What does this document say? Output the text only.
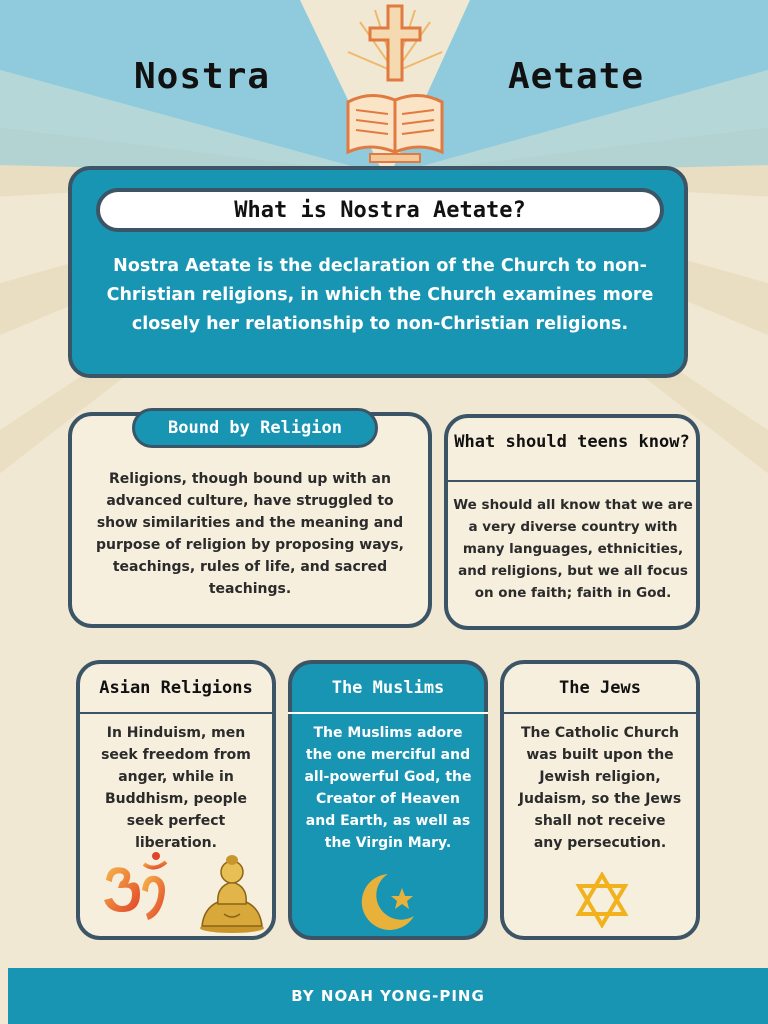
Nostra	Aetate
What is Nostra Aetate?
Nostra Aetate is the declaration of the Church to non-Christian religions, in which the Church examines more closely her relationship to non-Christian religions.
Bound by Religion

Religions, though bound up with an advanced culture, have struggled to show similarities and the meaning and purpose of religion by proposing ways, teachings, rules of life, and sacred teachings.

What should teens know?

We should all know that we are a very diverse country with many languages, ethnicities, and religions, but we all focus on one faith; faith in God.

Asian Religions

In Hinduism, men seek freedom from anger, while in Buddhism, people seek perfect liberation.

The Muslims

The Muslims adore the one merciful and all-powerful God, the Creator of Heaven and Earth, as well as the Virgin Mary.

The Jews

The Catholic Church was built upon the Jewish religion, Judaism, so the Jews shall not receive any persecution.

BY NOAH YONG-PING
